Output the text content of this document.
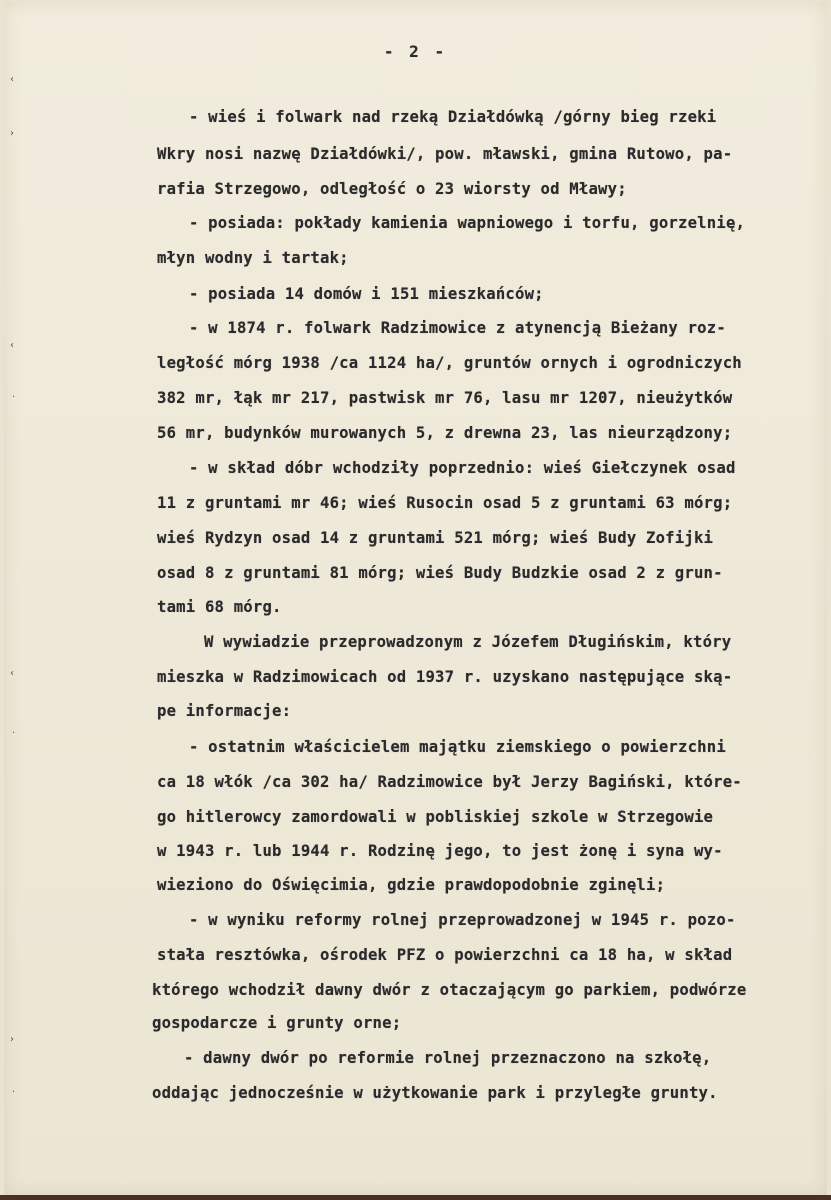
- 2 -
- wieś i folwark nad rzeką Działdówką /górny bieg rzeki
Wkry nosi nazwę Działdówki/, pow. mławski, gmina Rutowo, pa-
rafia Strzegowo, odległość o 23 wiorsty od Mławy;
- posiada: pokłady kamienia wapniowego i torfu, gorzelnię,
młyn wodny i tartak;
- posiada 14 domów i 151 mieszkańców;
- w 1874 r. folwark Radzimowice z atynencją Bieżany roz-
ległość mórg 1938 /ca 1124 ha/, gruntów ornych i ogrodniczych
382 mr, łąk mr 217, pastwisk mr 76, lasu mr 1207, nieużytków
56 mr, budynków murowanych 5, z drewna 23, las nieurządzony;
- w skład dóbr wchodziły poprzednio: wieś Giełczynek osad
11 z gruntami mr 46; wieś Rusocin osad 5 z gruntami 63 mórg;
wieś Rydzyn osad 14 z gruntami 521 mórg; wieś Budy Zofijki
osad 8 z gruntami 81 mórg; wieś Budy Budzkie osad 2 z grun-
tami 68 mórg.
W wywiadzie przeprowadzonym z Józefem Długińskim, który
mieszka w Radzimowicach od 1937 r. uzyskano następujące ską-
pe informacje:
- ostatnim właścicielem majątku ziemskiego o powierzchni
ca 18 włók /ca 302 ha/ Radzimowice był Jerzy Bagiński, które-
go hitlerowcy zamordowali w pobliskiej szkole w Strzegowie
w 1943 r. lub 1944 r. Rodzinę jego, to jest żonę i syna wy-
wieziono do Oświęcimia, gdzie prawdopodobnie zginęli;
- w wyniku reformy rolnej przeprowadzonej w 1945 r. pozo-
stała resztówka, ośrodek PFZ o powierzchni ca 18 ha, w skład
którego wchodził dawny dwór z otaczającym go parkiem, podwórze
gospodarcze i grunty orne;
- dawny dwór po reformie rolnej przeznaczono na szkołę,
oddając jednocześnie w użytkowanie park i przyległe grunty.
‹
›
‹
·
‹
·
›
·
